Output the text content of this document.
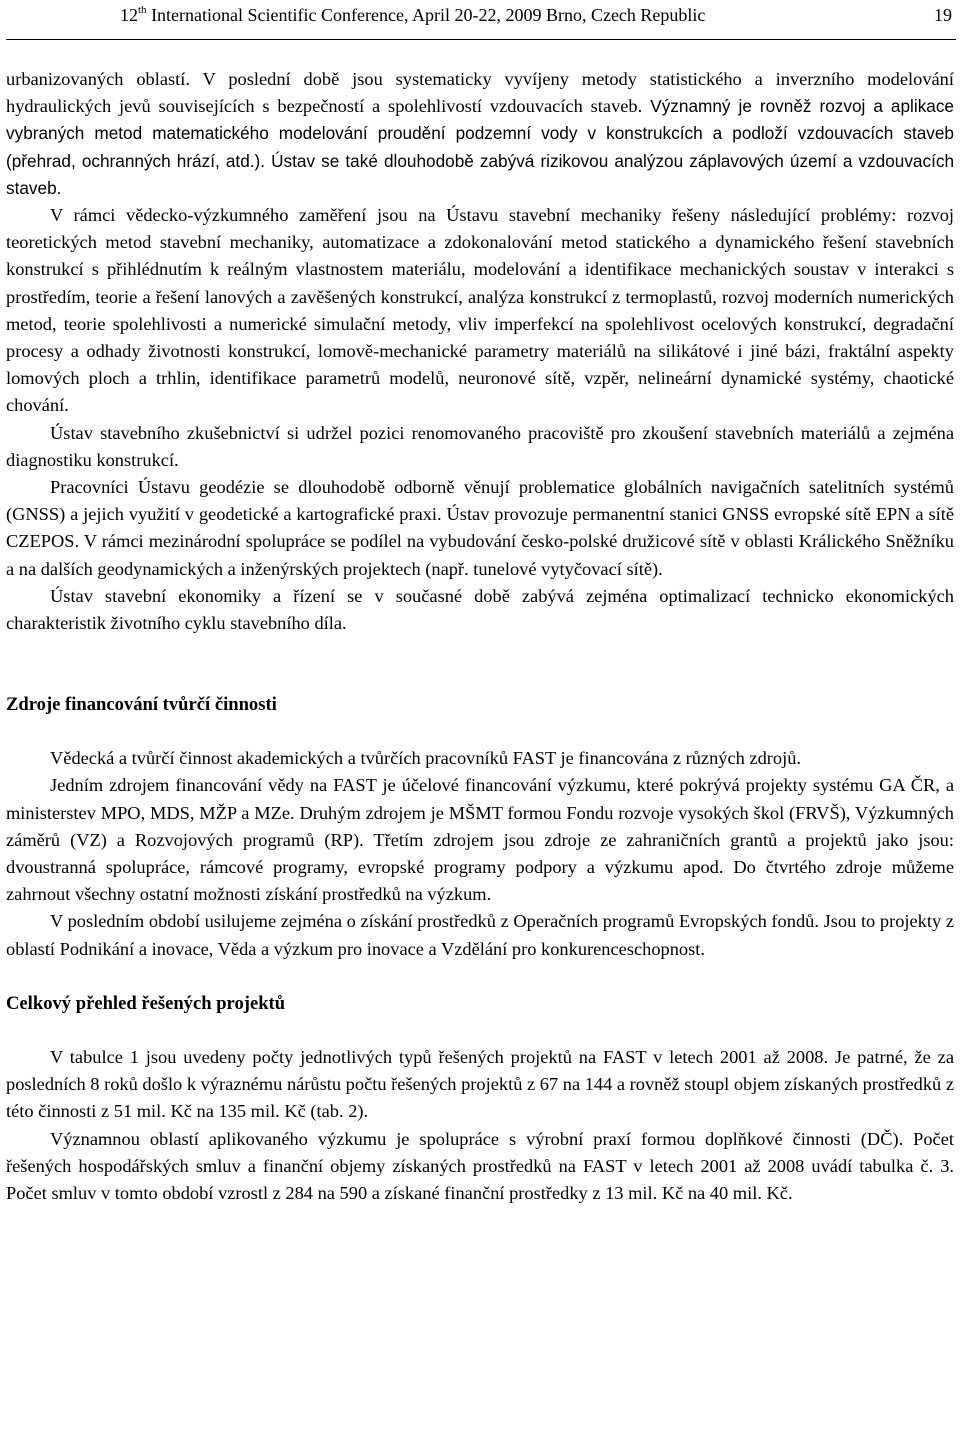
12th International Scientific Conference, April 20-22, 2009 Brno, Czech Republic	19

urbanizovaných oblastí. V poslední době jsou systematicky vyvíjeny metody statistického a inverzního modelování hydraulických jevů souvisejících s bezpečností a spolehlivostí vzdouvacích staveb. Významný je rovněž rozvoj a aplikace vybraných metod matematického modelování proudění podzemní vody v konstrukcích a podloží vzdouvacích staveb (přehrad, ochranných hrází, atd.). Ústav se také dlouhodobě zabývá rizikovou analýzou záplavových území a vzdouvacích staveb.

V rámci vědecko-výzkumného zaměření jsou na Ústavu stavební mechaniky řešeny následující problémy: rozvoj teoretických metod stavební mechaniky, automatizace a zdokonalování metod statického a dynamického řešení stavebních konstrukcí s přihlédnutím k reálným vlastnostem materiálu, modelování a identifikace mechanických soustav v interakci s prostředím, teorie a řešení lanových a zavěšených konstrukcí, analýza konstrukcí z termoplastů, rozvoj moderních numerických metod, teorie spolehlivosti a numerické simulační metody, vliv imperfekcí na spolehlivost ocelových konstrukcí, degradační procesy a odhady životnosti konstrukcí, lomově-mechanické parametry materiálů na silikátové i jiné bázi, fraktální aspekty lomových ploch a trhlin, identifikace parametrů modelů, neuronové sítě, vzpěr, nelineární dynamické systémy, chaotické chování.

Ústav stavebního zkušebnictví si udržel pozici renomovaného pracoviště pro zkoušení stavebních materiálů a zejména diagnostiku konstrukcí.

Pracovníci Ústavu geodézie se dlouhodobě odborně věnují problematice globálních navigačních satelitních systémů (GNSS) a jejich využití v geodetické a kartografické praxi. Ústav provozuje permanentní stanici GNSS evropské sítě EPN a sítě CZEPOS. V rámci mezinárodní spolupráce se podílel na vybudování česko-polské družicové sítě v oblasti Králického Sněžníku a na dalších geodynamických a inženýrských projektech (např. tunelové vytyčovací sítě).

Ústav stavební ekonomiky a řízení se v současné době zabývá zejména optimalizací technicko ekonomických charakteristik životního cyklu stavebního díla.

Zdroje financování tvůrčí činnosti

Vědecká a tvůrčí činnost akademických a tvůrčích pracovníků FAST je financována z různých zdrojů.

Jedním zdrojem financování vědy na FAST je účelové financování výzkumu, které pokrývá projekty systému GA ČR, a ministerstev MPO, MDS, MŽP a MZe. Druhým zdrojem je MŠMT formou Fondu rozvoje vysokých škol (FRVŠ), Výzkumných záměrů (VZ) a Rozvojových programů (RP). Třetím zdrojem jsou zdroje ze zahraničních grantů a projektů jako jsou: dvoustranná spolupráce, rámcové programy, evropské programy podpory a výzkumu apod. Do čtvrtého zdroje můžeme zahrnout všechny ostatní možnosti získání prostředků na výzkum.

V posledním období usilujeme zejména o získání prostředků z Operačních programů Evropských fondů. Jsou to projekty z oblastí Podnikání a inovace, Věda a výzkum pro inovace a Vzdělání pro konkurenceschopnost.

Celkový přehled řešených projektů

V tabulce 1 jsou uvedeny počty jednotlivých typů řešených projektů na FAST v letech 2001 až 2008. Je patrné, že za posledních 8 roků došlo k výraznému nárůstu počtu řešených projektů z 67 na 144 a rovněž stoupl objem získaných prostředků z této činnosti z 51 mil. Kč na 135 mil. Kč (tab. 2).

Významnou oblastí aplikovaného výzkumu je spolupráce s výrobní praxí formou doplňkové činnosti (DČ). Počet řešených hospodářských smluv a finanční objemy získaných prostředků na FAST v letech 2001 až 2008 uvádí tabulka č. 3. Počet smluv v tomto období vzrostl z 284 na 590 a získané finanční prostředky z 13 mil. Kč na 40 mil. Kč.
